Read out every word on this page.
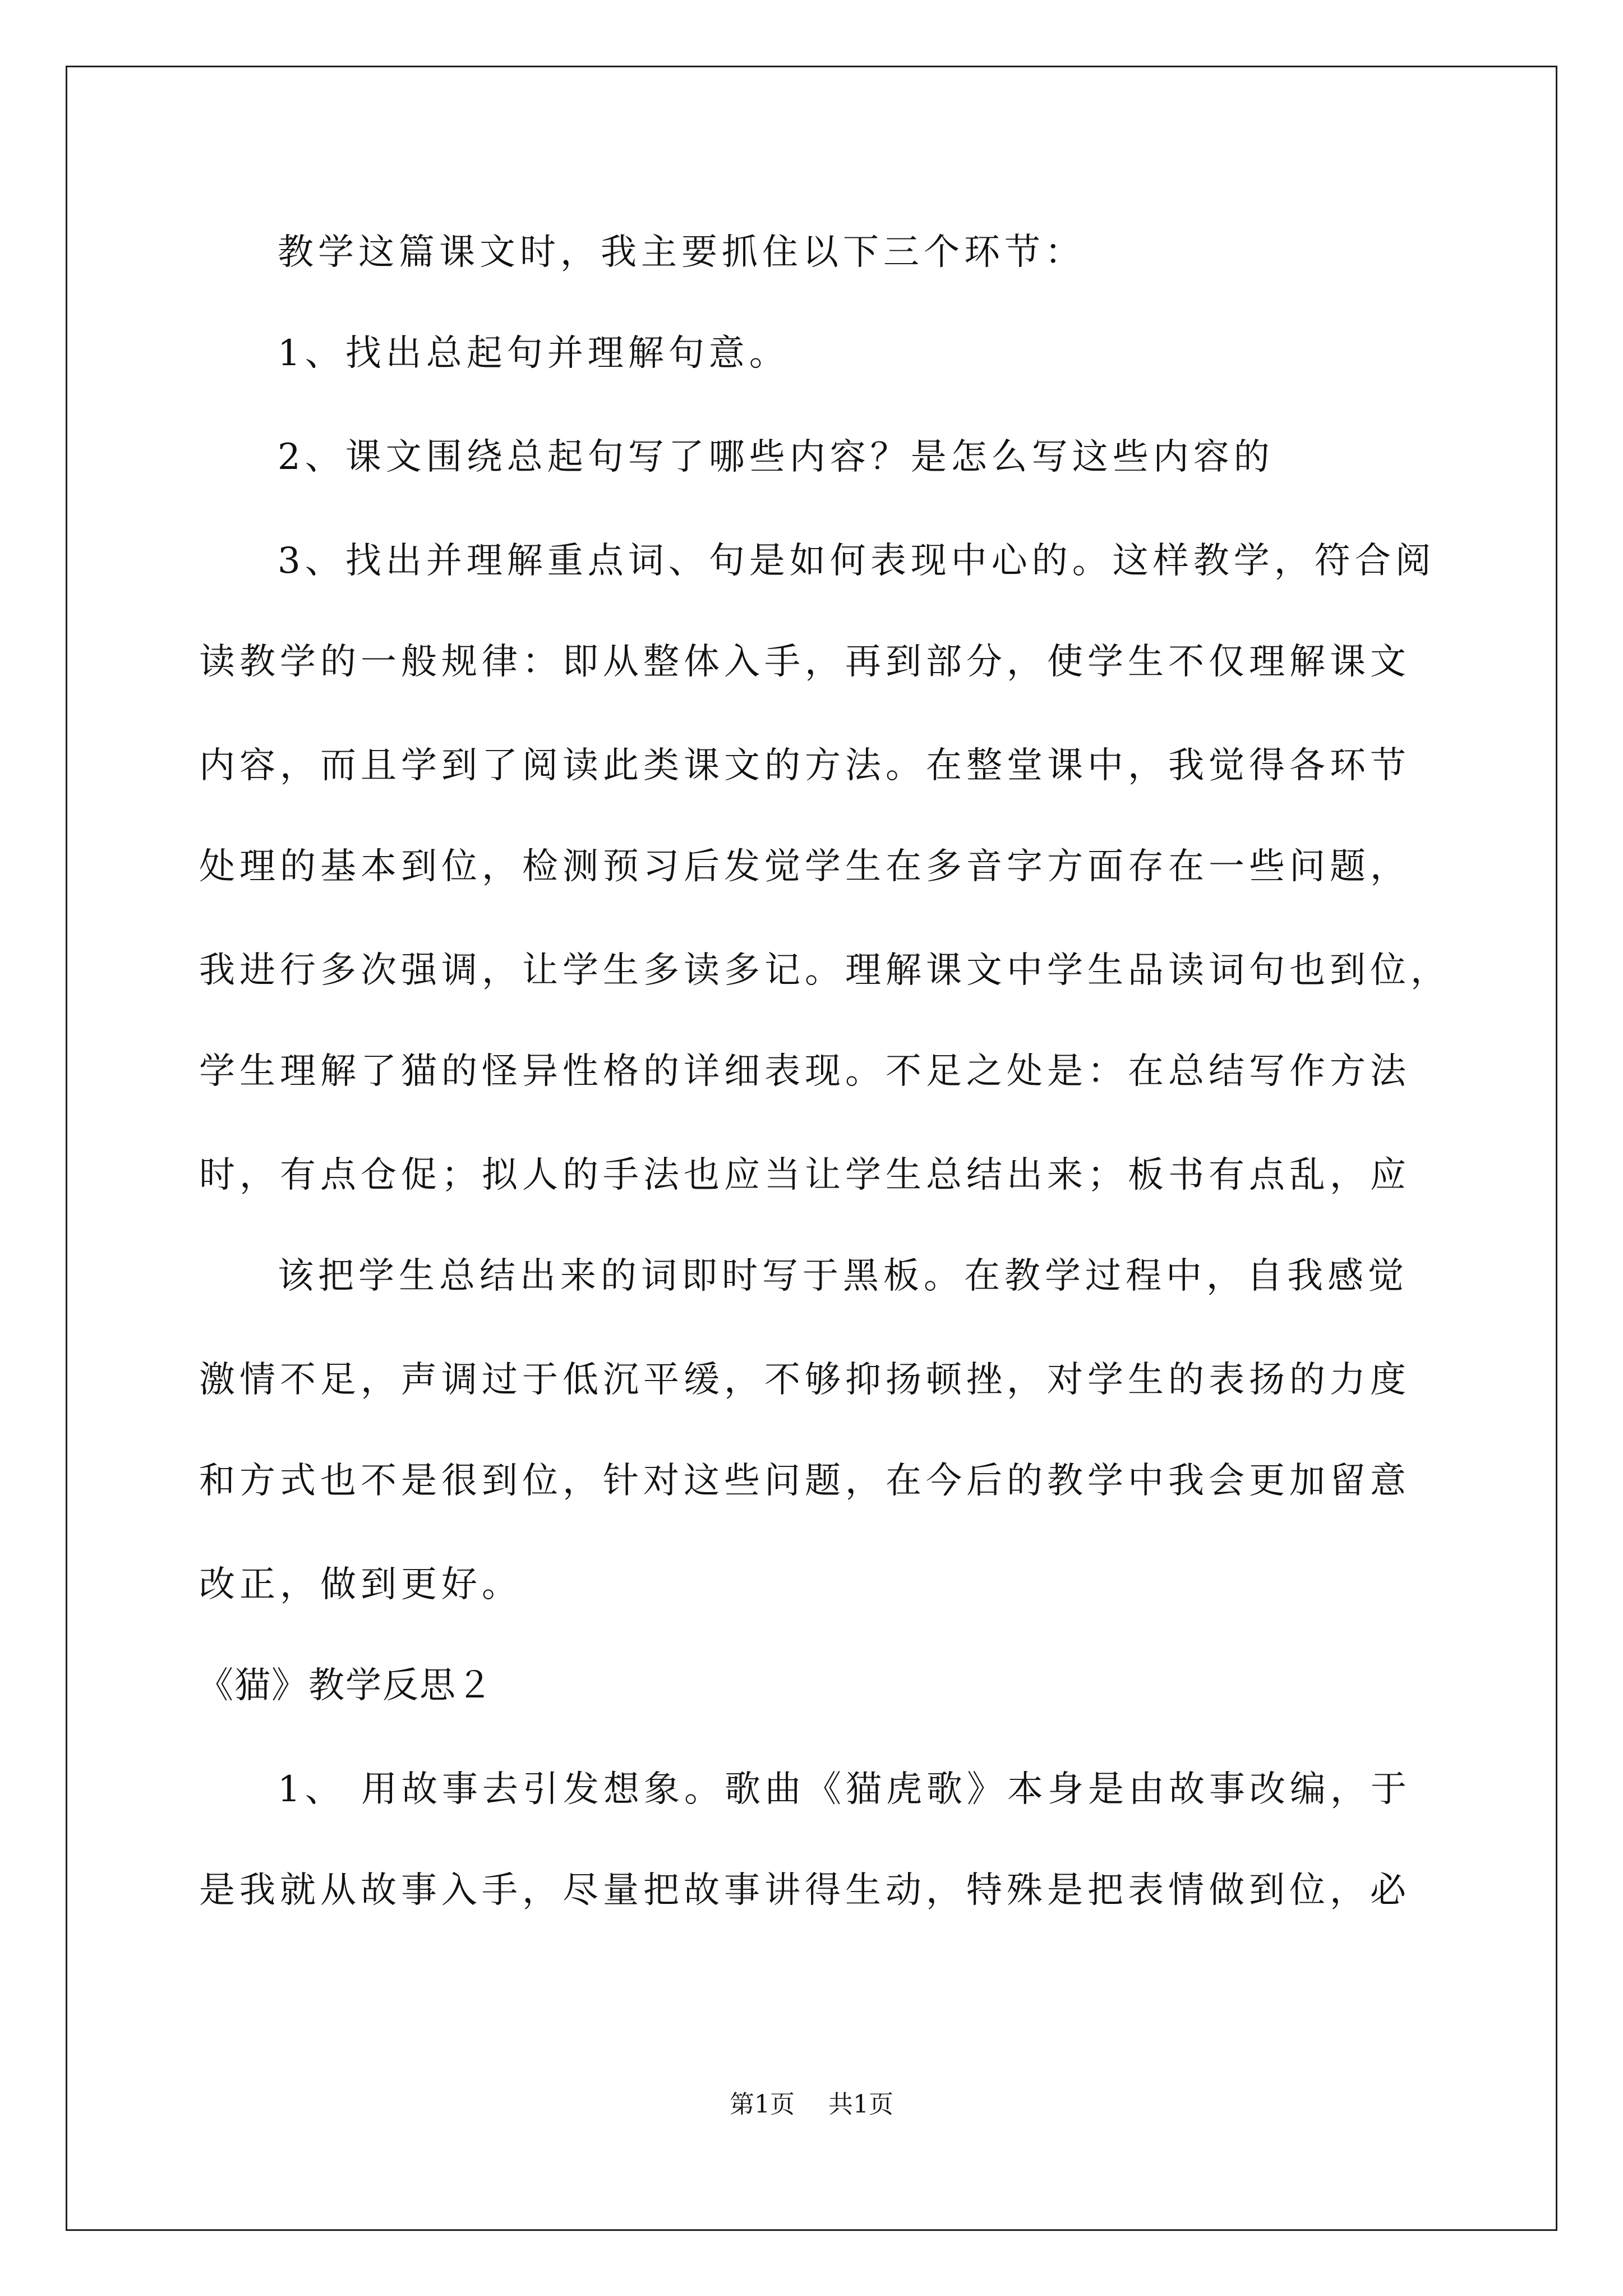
教学这篇课文时，我主要抓住以下三个环节：
1、找出总起句并理解句意。
2、课文围绕总起句写了哪些内容？是怎么写这些内容的
3、找出并理解重点词、句是如何表现中心的。这样教学，符合阅
读教学的一般规律：即从整体入手，再到部分，使学生不仅理解课文
内容，而且学到了阅读此类课文的方法。在整堂课中，我觉得各环节
处理的基本到位，检测预习后发觉学生在多音字方面存在一些问题，
我进行多次强调，让学生多读多记。理解课文中学生品读词句也到位，
学生理解了猫的怪异性格的详细表现。不足之处是：在总结写作方法
时，有点仓促；拟人的手法也应当让学生总结出来；板书有点乱，应
该把学生总结出来的词即时写于黑板。在教学过程中，自我感觉
激情不足，声调过于低沉平缓，不够抑扬顿挫，对学生的表扬的力度
和方式也不是很到位，针对这些问题，在今后的教学中我会更加留意
改正，做到更好。
《猫》教学反思２
1、 用故事去引发想象。歌曲《猫虎歌》本身是由故事改编，于
是我就从故事入手，尽量把故事讲得生动，特殊是把表情做到位，必
第1页 共1页
